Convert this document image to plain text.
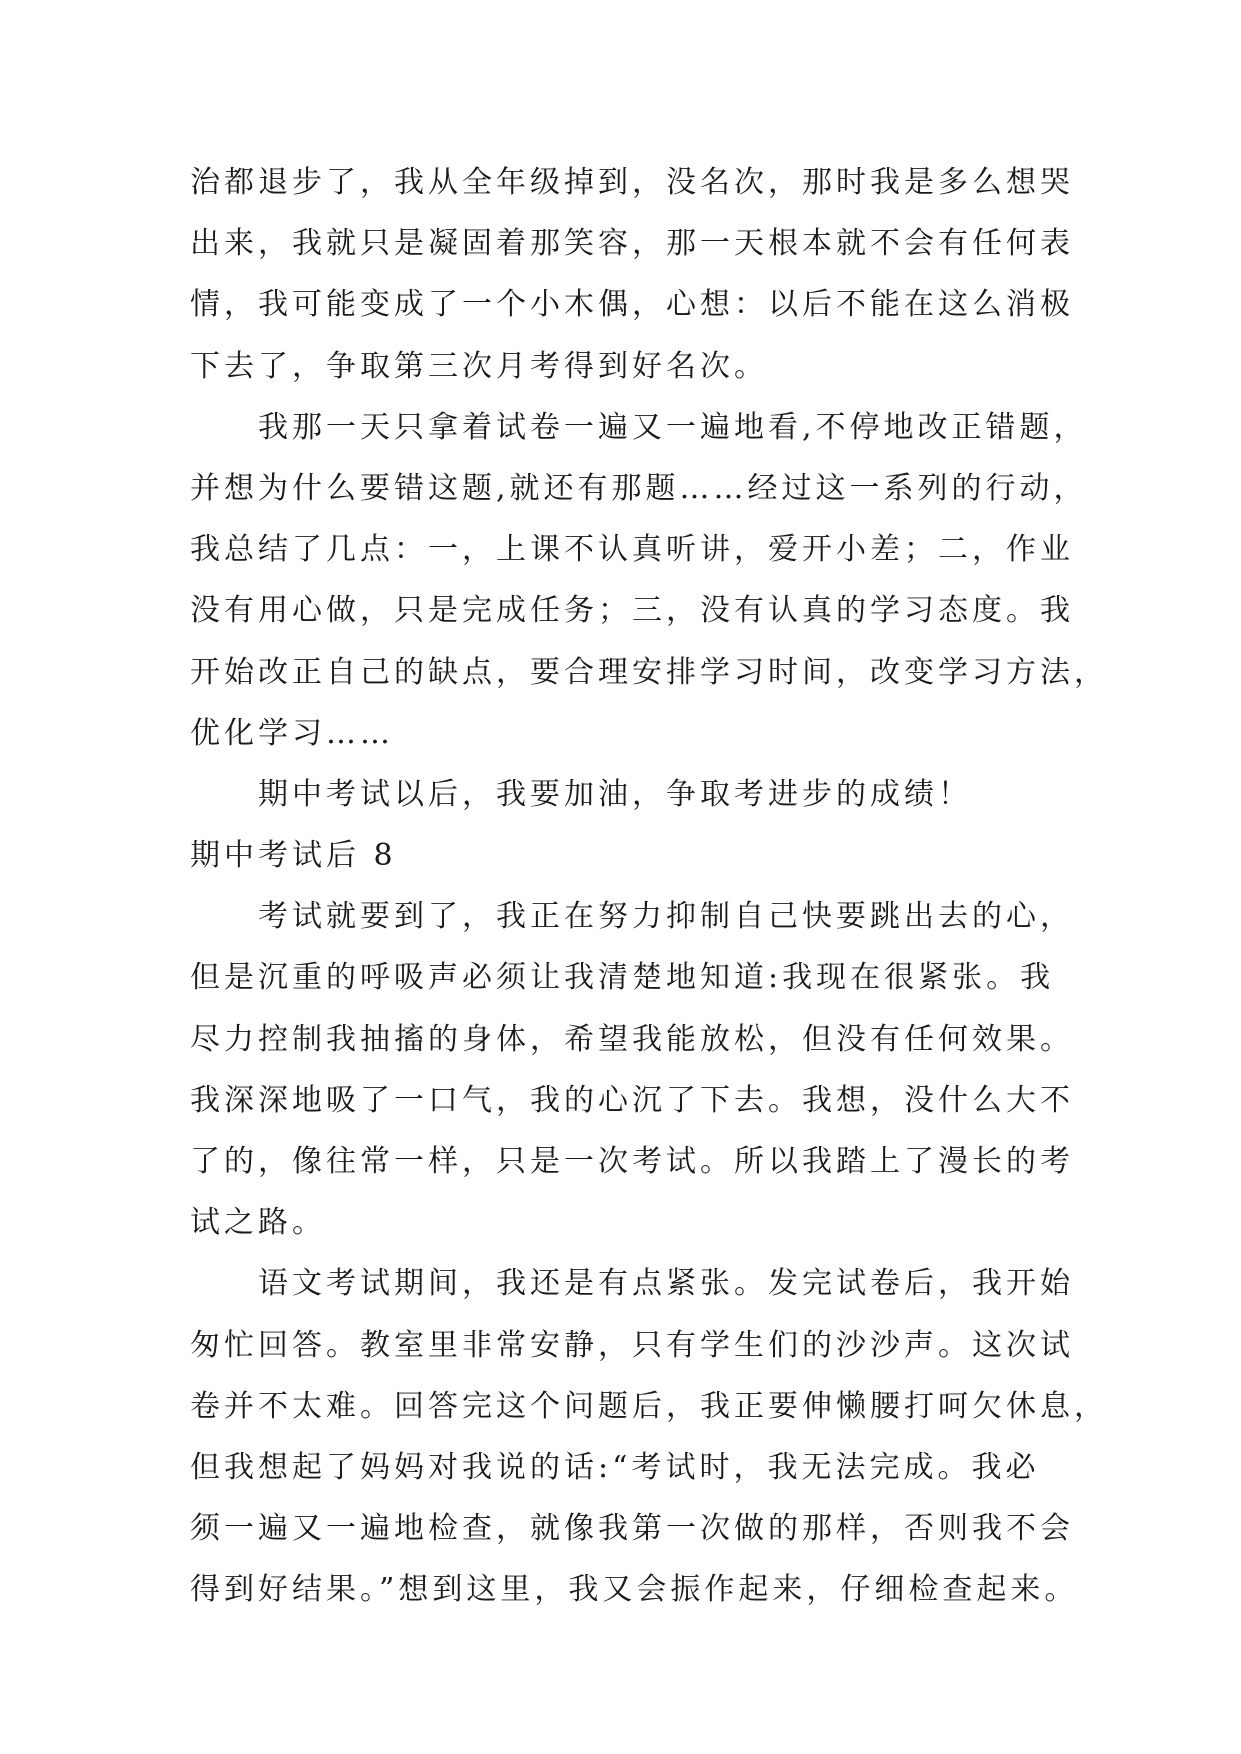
治都退步了，我从全年级掉到，没名次，那时我是多么想哭
出来，我就只是凝固着那笑容，那一天根本就不会有任何表
情，我可能变成了一个小木偶，心想：以后不能在这么消极
下去了，争取第三次月考得到好名次。
我那一天只拿着试卷一遍又一遍地看,不停地改正错题，
并想为什么要错这题,就还有那题……经过这一系列的行动，
我总结了几点：一，上课不认真听讲，爱开小差；二，作业
没有用心做，只是完成任务；三，没有认真的学习态度。我
开始改正自己的缺点，要合理安排学习时间，改变学习方法，
优化学习……
期中考试以后，我要加油，争取考进步的成绩！
期中考试后 8
考试就要到了，我正在努力抑制自己快要跳出去的心，
但是沉重的呼吸声必须让我清楚地知道:我现在很紧张。我
尽力控制我抽搐的身体，希望我能放松，但没有任何效果。
我深深地吸了一口气，我的心沉了下去。我想，没什么大不
了的，像往常一样，只是一次考试。所以我踏上了漫长的考
试之路。
语文考试期间，我还是有点紧张。发完试卷后，我开始
匆忙回答。教室里非常安静，只有学生们的沙沙声。这次试
卷并不太难。回答完这个问题后，我正要伸懒腰打呵欠休息，
但我想起了妈妈对我说的话:“考试时，我无法完成。我必
须一遍又一遍地检查，就像我第一次做的那样，否则我不会
得到好结果。”想到这里，我又会振作起来，仔细检查起来。
